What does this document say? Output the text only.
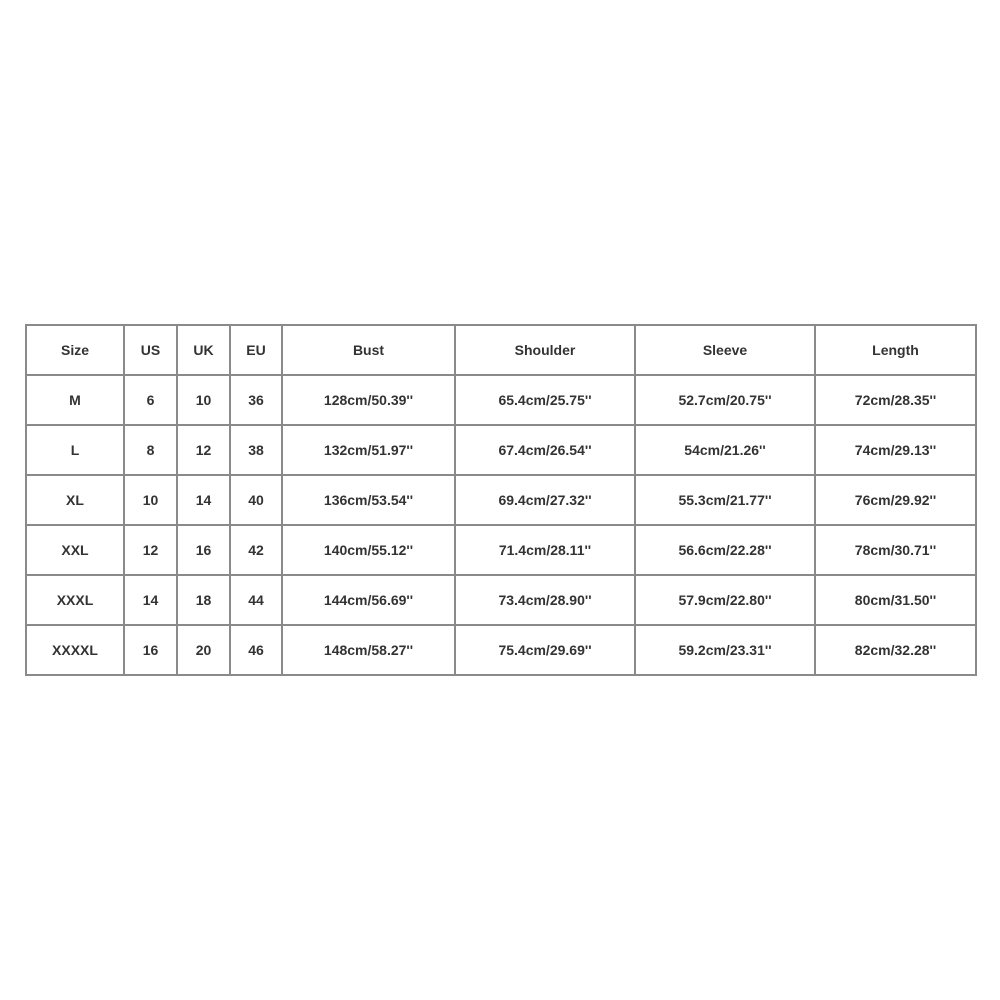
Size	US	UK	EU	Bust	Shoulder	Sleeve	Length
M	6	10	36	128cm/50.39''	65.4cm/25.75''	52.7cm/20.75''	72cm/28.35''
L	8	12	38	132cm/51.97''	67.4cm/26.54''	54cm/21.26''	74cm/29.13''
XL	10	14	40	136cm/53.54''	69.4cm/27.32''	55.3cm/21.77''	76cm/29.92''
XXL	12	16	42	140cm/55.12''	71.4cm/28.11''	56.6cm/22.28''	78cm/30.71''
XXXL	14	18	44	144cm/56.69''	73.4cm/28.90''	57.9cm/22.80''	80cm/31.50''
XXXXL	16	20	46	148cm/58.27''	75.4cm/29.69''	59.2cm/23.31''	82cm/32.28''
